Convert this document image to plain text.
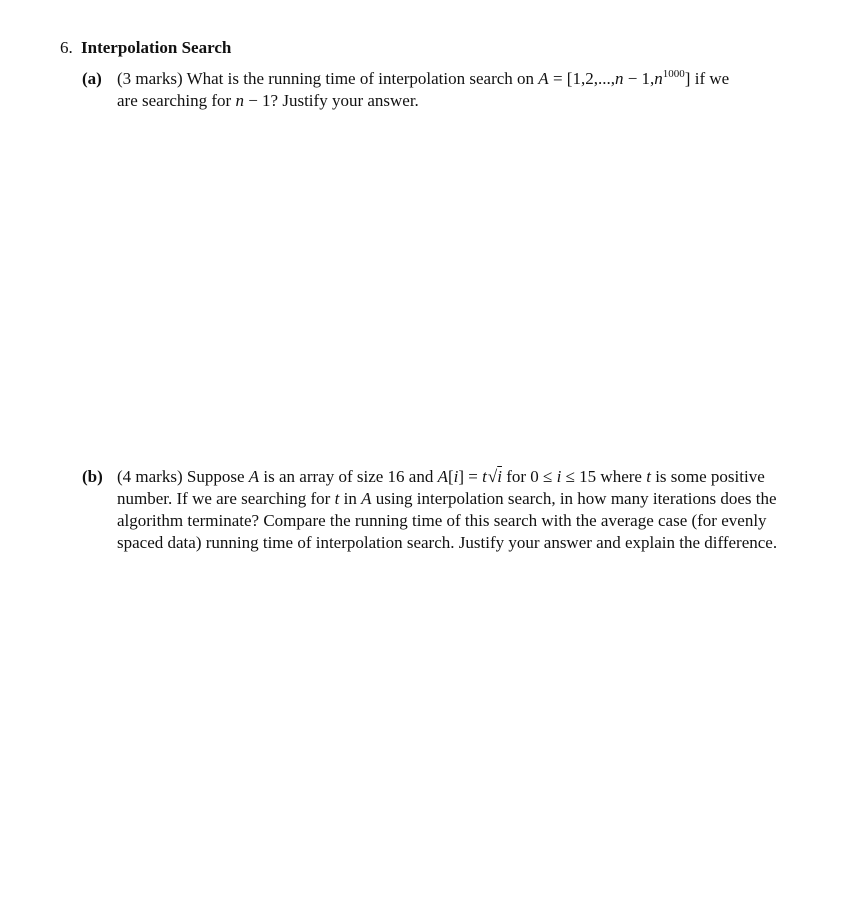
6. Interpolation Search
(a) (3 marks) What is the running time of interpolation search on $A = [1,2,...,n - 1,n^{1000}]$ if we
are searching for n − 1? Justify your answer.
(b) (4 marks) Suppose A is an array of size 16 and A[i] = t√i for 0 ≤ i ≤ 15 where t is some positive
number. If we are searching for t in A using interpolation search, in how many iterations does the
algorithm terminate? Compare the running time of this search with the average case (for evenly
spaced data) running time of interpolation search. Justify your answer and explain the difference.
